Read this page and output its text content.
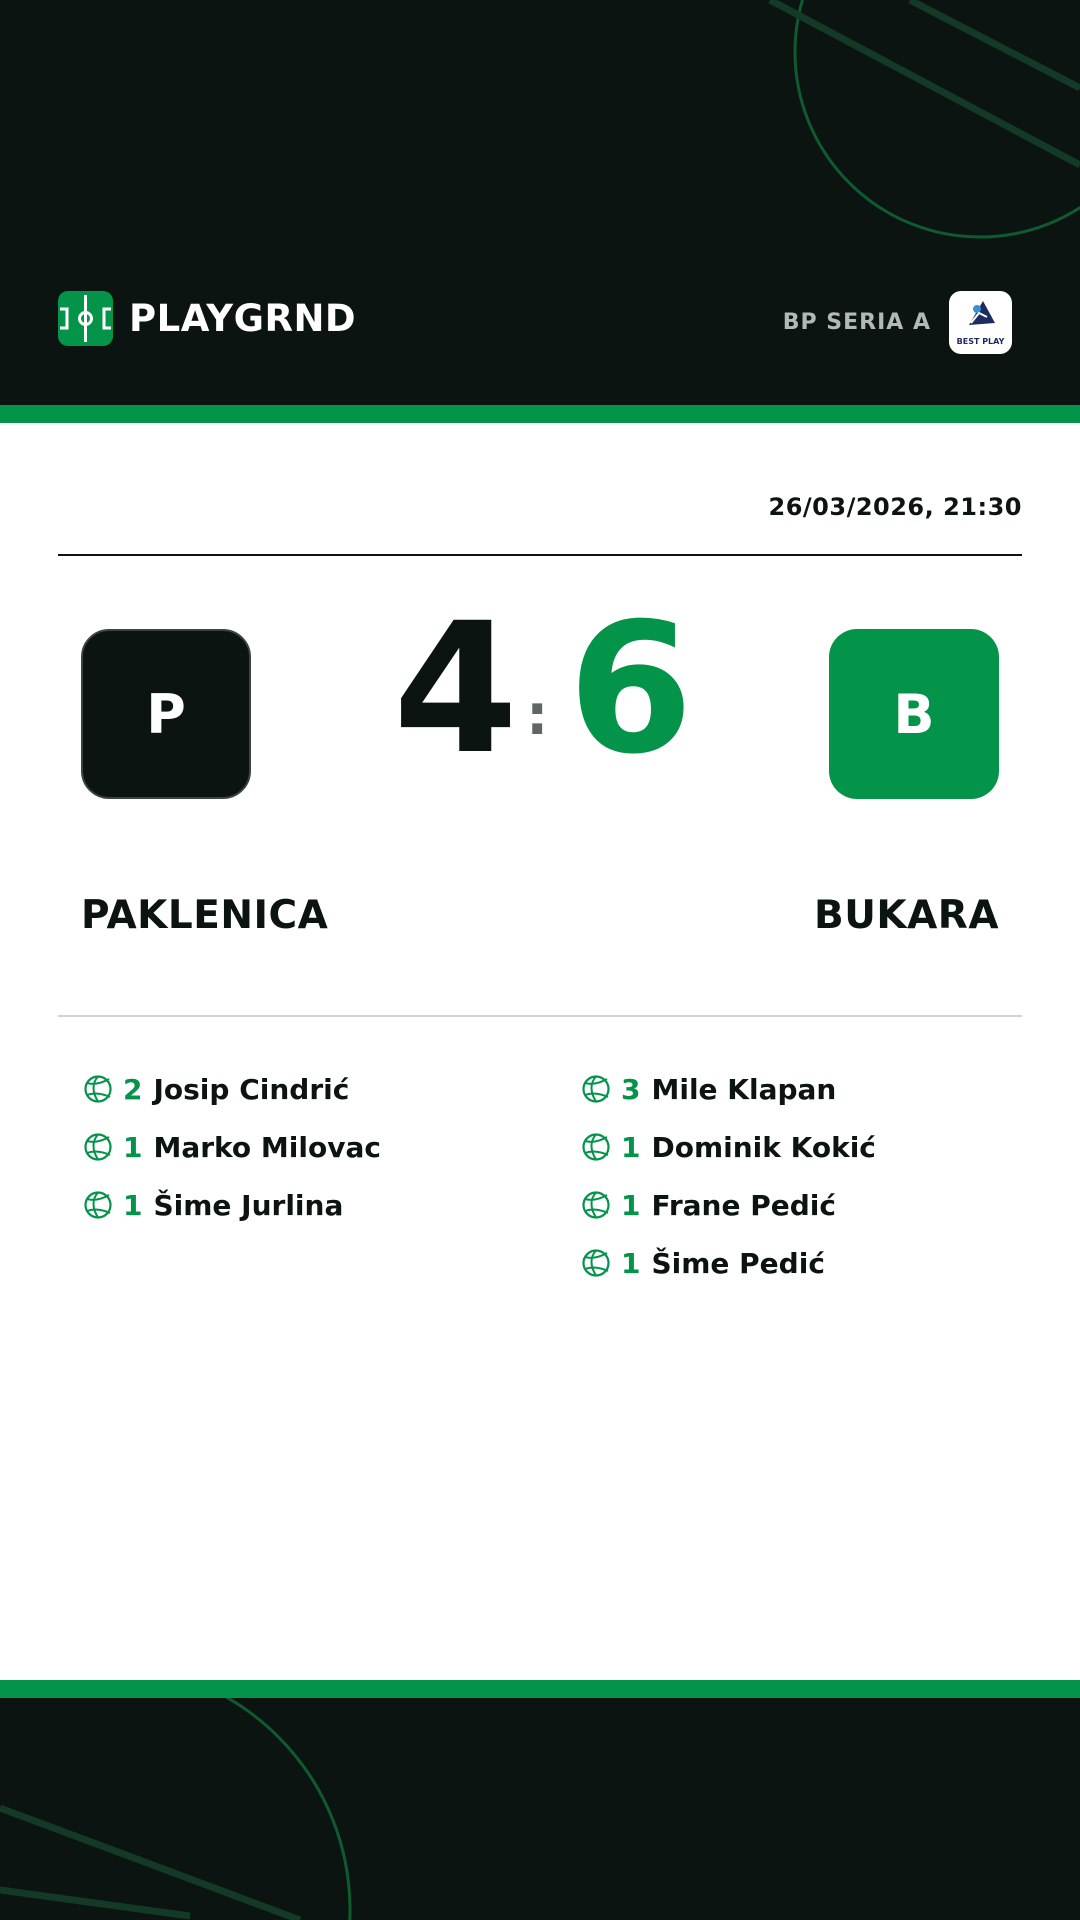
PLAYGRND	BP SERIA A
BEST PLAY
26/03/2026, 21:30
P	4 : 6	B
PAKLENICA	BUKARA
2 Josip Cindrić
1 Marko Milovac
1 Šime Jurlina
3 Mile Klapan
1 Dominik Kokić
1 Frane Pedić
1 Šime Pedić
